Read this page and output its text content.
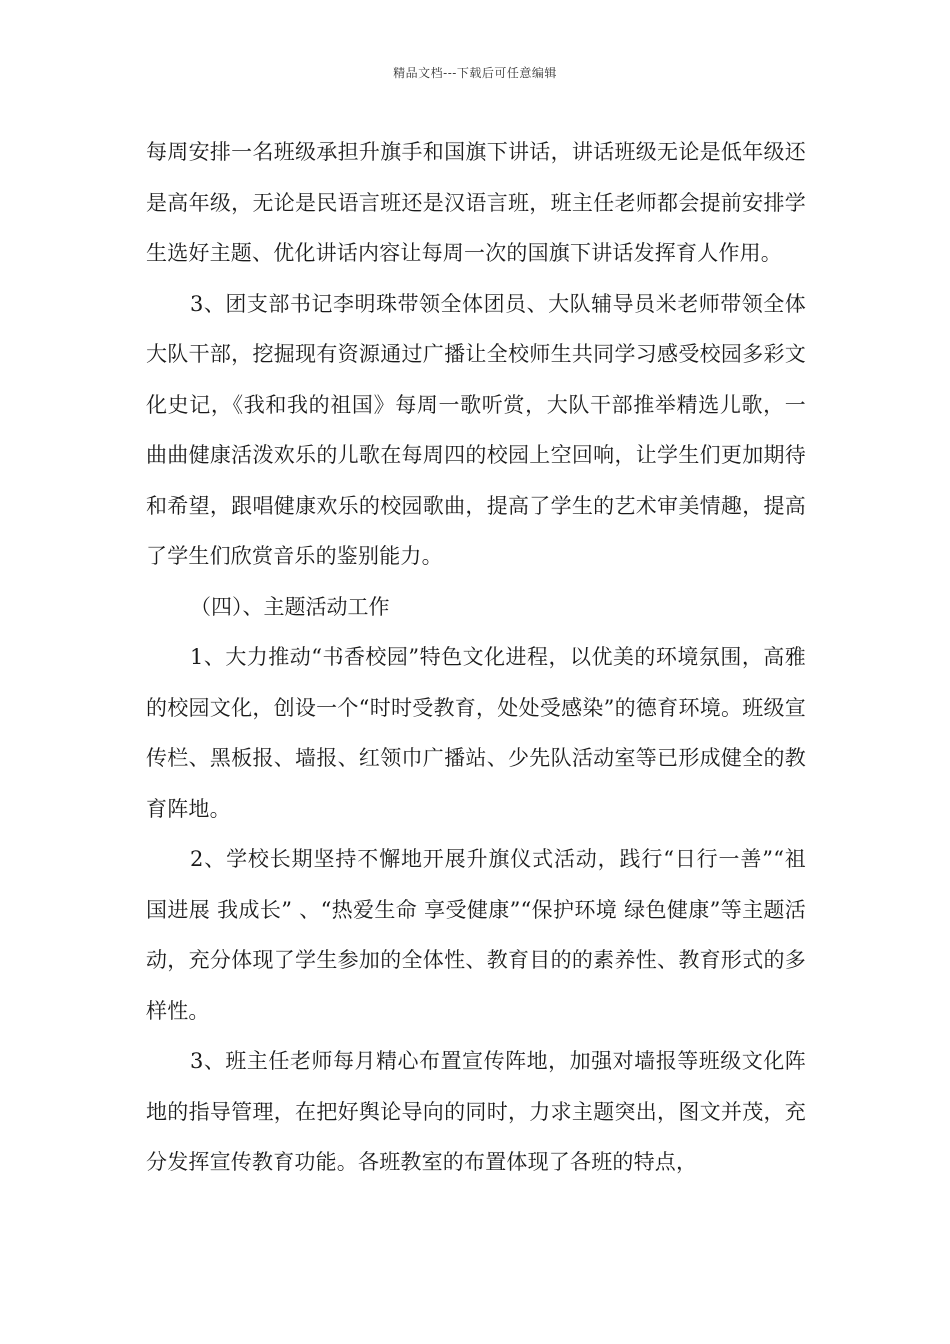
精品文档---下载后可任意编辑

每周安排一名班级承担升旗手和国旗下讲话，讲话班级无论是低年级还是高年级，无论是民语言班还是汉语言班，班主任老师都会提前安排学生选好主题、优化讲话内容让每周一次的国旗下讲话发挥育人作用。

3、团支部书记李明珠带领全体团员、大队辅导员米老师带领全体大队干部，挖掘现有资源通过广播让全校师生共同学习感受校园多彩文化史记，《我和我的祖国》每周一歌听赏，大队干部推举精选儿歌，一曲曲健康活泼欢乐的儿歌在每周四的校园上空回响，让学生们更加期待和希望，跟唱健康欢乐的校园歌曲，提高了学生的艺术审美情趣，提高了学生们欣赏音乐的鉴别能力。

（四）、主题活动工作

1、大力推动“书香校园”特色文化进程，以优美的环境氛围，高雅的校园文化，创设一个“时时受教育，处处受感染”的德育环境。班级宣传栏、黑板报、墙报、红领巾广播站、少先队活动室等已形成健全的教育阵地。

2、学校长期坚持不懈地开展升旗仪式活动，践行“日行一善”“祖国进展 我成长” 、“热爱生命 享受健康”“保护环境 绿色健康”等主题活动，充分体现了学生参加的全体性、教育目的的素养性、教育形式的多样性。

3、班主任老师每月精心布置宣传阵地，加强对墙报等班级文化阵地的指导管理，在把好舆论导向的同时，力求主题突出，图文并茂，充分发挥宣传教育功能。各班教室的布置体现了各班的特点，
